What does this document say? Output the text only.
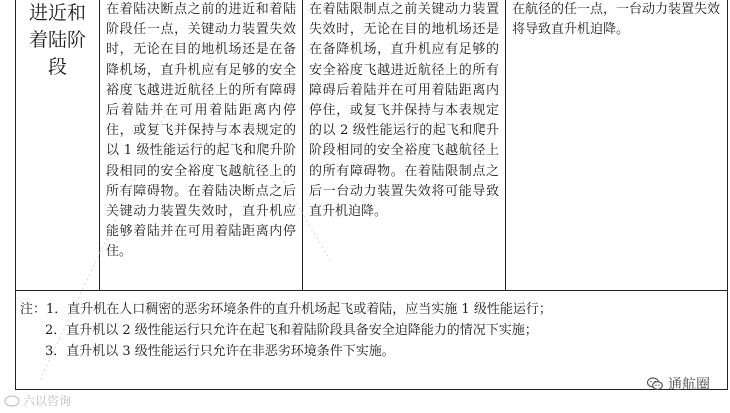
进近和着陆阶段	在着陆决断点之前的进近和着陆阶段任一点，关键动力装置失效时，无论在目的地机场还是在备降机场，直升机应有足够的安全裕度飞越进近航径上的所有障碍后着陆并在可用着陆距离内停住，或复飞并保持与本表规定的以 1 级性能运行的起飞和爬升阶段相同的安全裕度飞越航径上的所有障碍物。在着陆决断点之后关键动力装置失效时，直升机应能够着陆并在可用着陆距离内停住。	在着陆限制点之前关键动力装置失效时，无论在目的地机场还是在备降机场，直升机应有足够的安全裕度飞越进近航径上的所有障碍后着陆并在可用着陆距离内停住，或复飞并保持与本表规定的以 2 级性能运行的起飞和爬升阶段相同的安全裕度飞越航径上的所有障碍物。在着陆限制点之后一台动力装置失效将可能导致直升机迫降。	在航径的任一点，一台动力装置失效将导致直升机迫降。
注：1．直升机在人口稠密的恶劣环境条件的直升机场起飞或着陆，应当实施 1 级性能运行；
2．直升机以 2 级性能运行只允许在起飞和着陆阶段具备安全迫降能力的情况下实施；
3．直升机以 3 级性能运行只允许在非恶劣环境条件下实施。
六以咨询
通航圈
